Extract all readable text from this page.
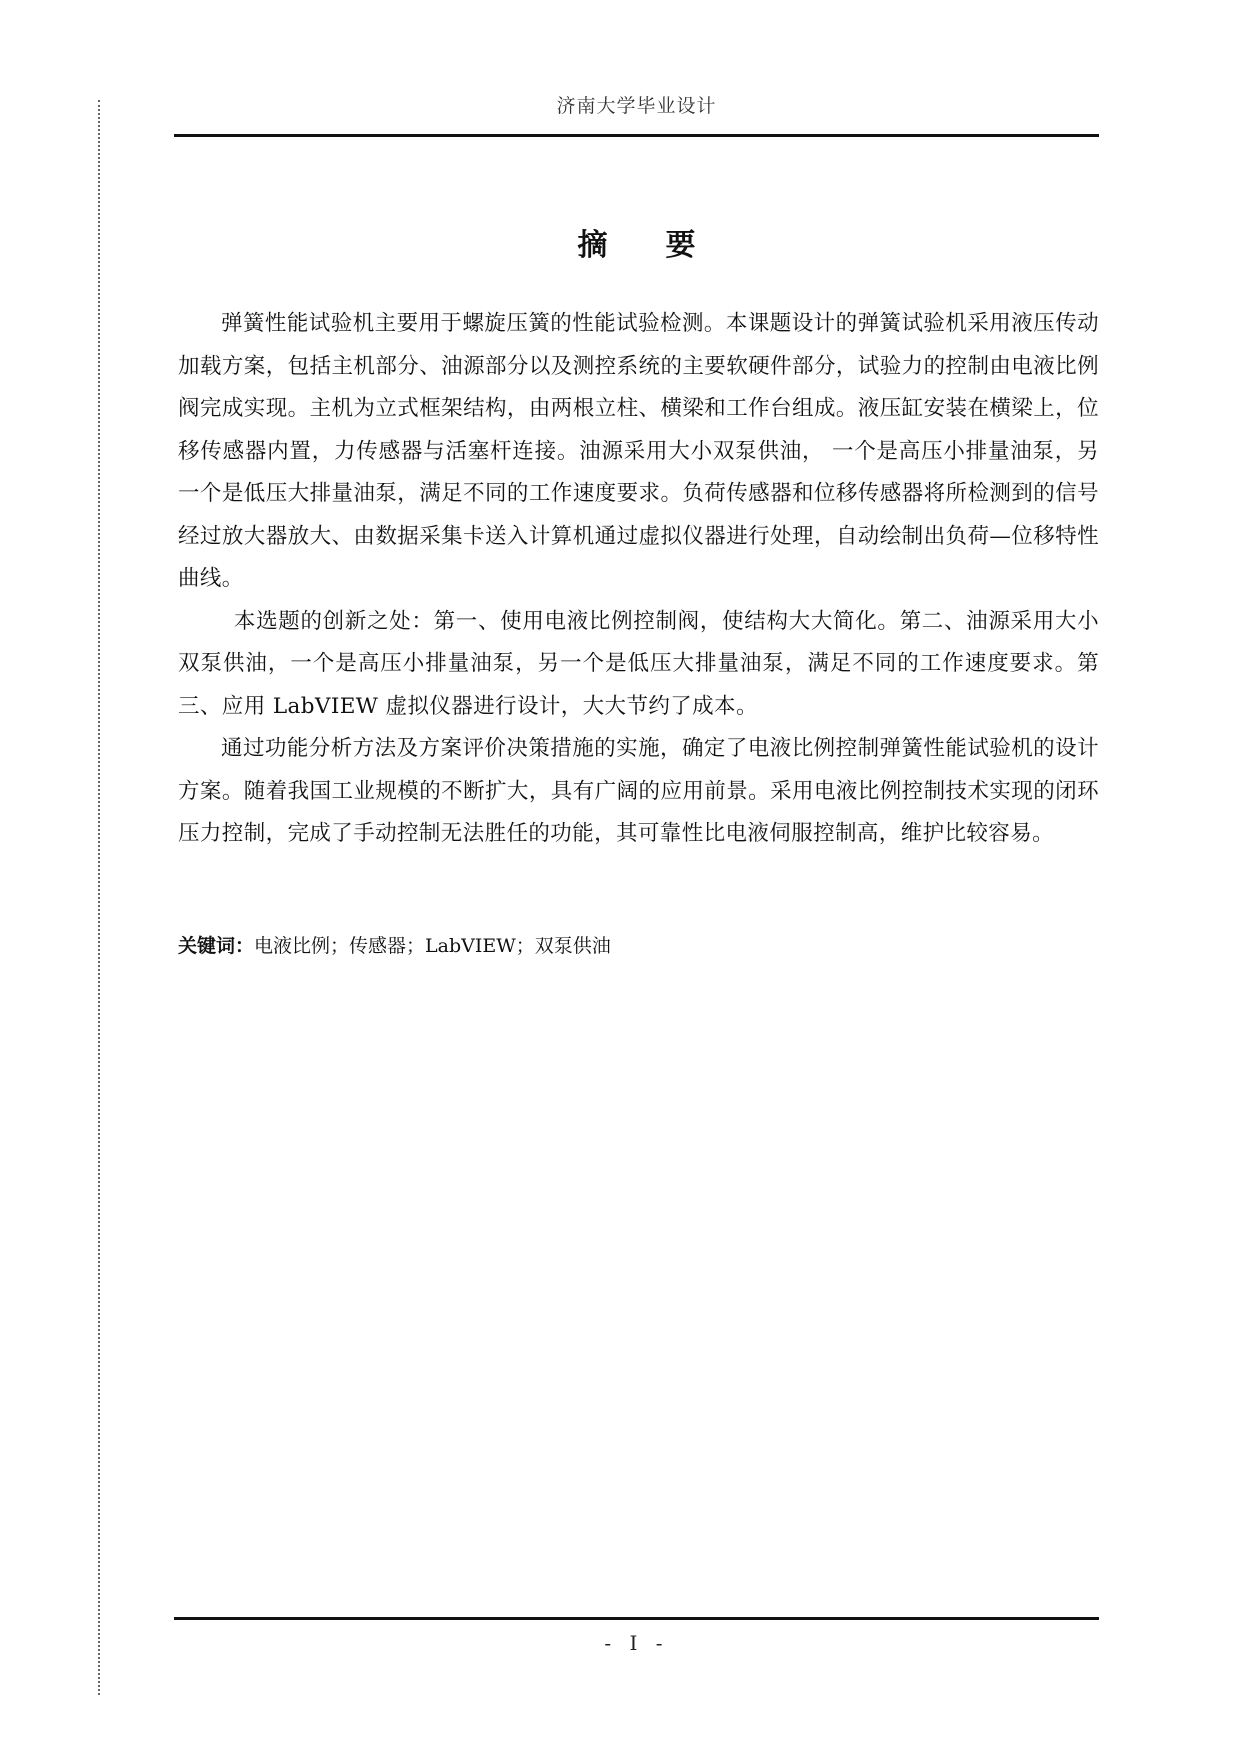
济南大学毕业设计
摘要

弹簧性能试验机主要用于螺旋压簧的性能试验检测。本课题设计的弹簧试验机采用液压传动加载方案，包括主机部分、油源部分以及测控系统的主要软硬件部分，试验力的控制由电液比例阀完成实现。主机为立式框架结构，由两根立柱、横梁和工作台组成。液压缸安装在横梁上，位移传感器内置，力传感器与活塞杆连接。油源采用大小双泵供油， 一个是高压小排量油泵，另一个是低压大排量油泵，满足不同的工作速度要求。负荷传感器和位移传感器将所检测到的信号经过放大器放大、由数据采集卡送入计算机通过虚拟仪器进行处理，自动绘制出负荷—位移特性曲线。

本选题的创新之处：第一、使用电液比例控制阀，使结构大大简化。第二、油源采用大小双泵供油，一个是高压小排量油泵，另一个是低压大排量油泵，满足不同的工作速度要求。第三、应用 LabVIEW 虚拟仪器进行设计，大大节约了成本。

通过功能分析方法及方案评价决策措施的实施，确定了电液比例控制弹簧性能试验机的设计方案。随着我国工业规模的不断扩大，具有广阔的应用前景。采用电液比例控制技术实现的闭环压力控制，完成了手动控制无法胜任的功能，其可靠性比电液伺服控制高，维护比较容易。

关键词：电液比例；传感器；LabVIEW；双泵供油
- I -
